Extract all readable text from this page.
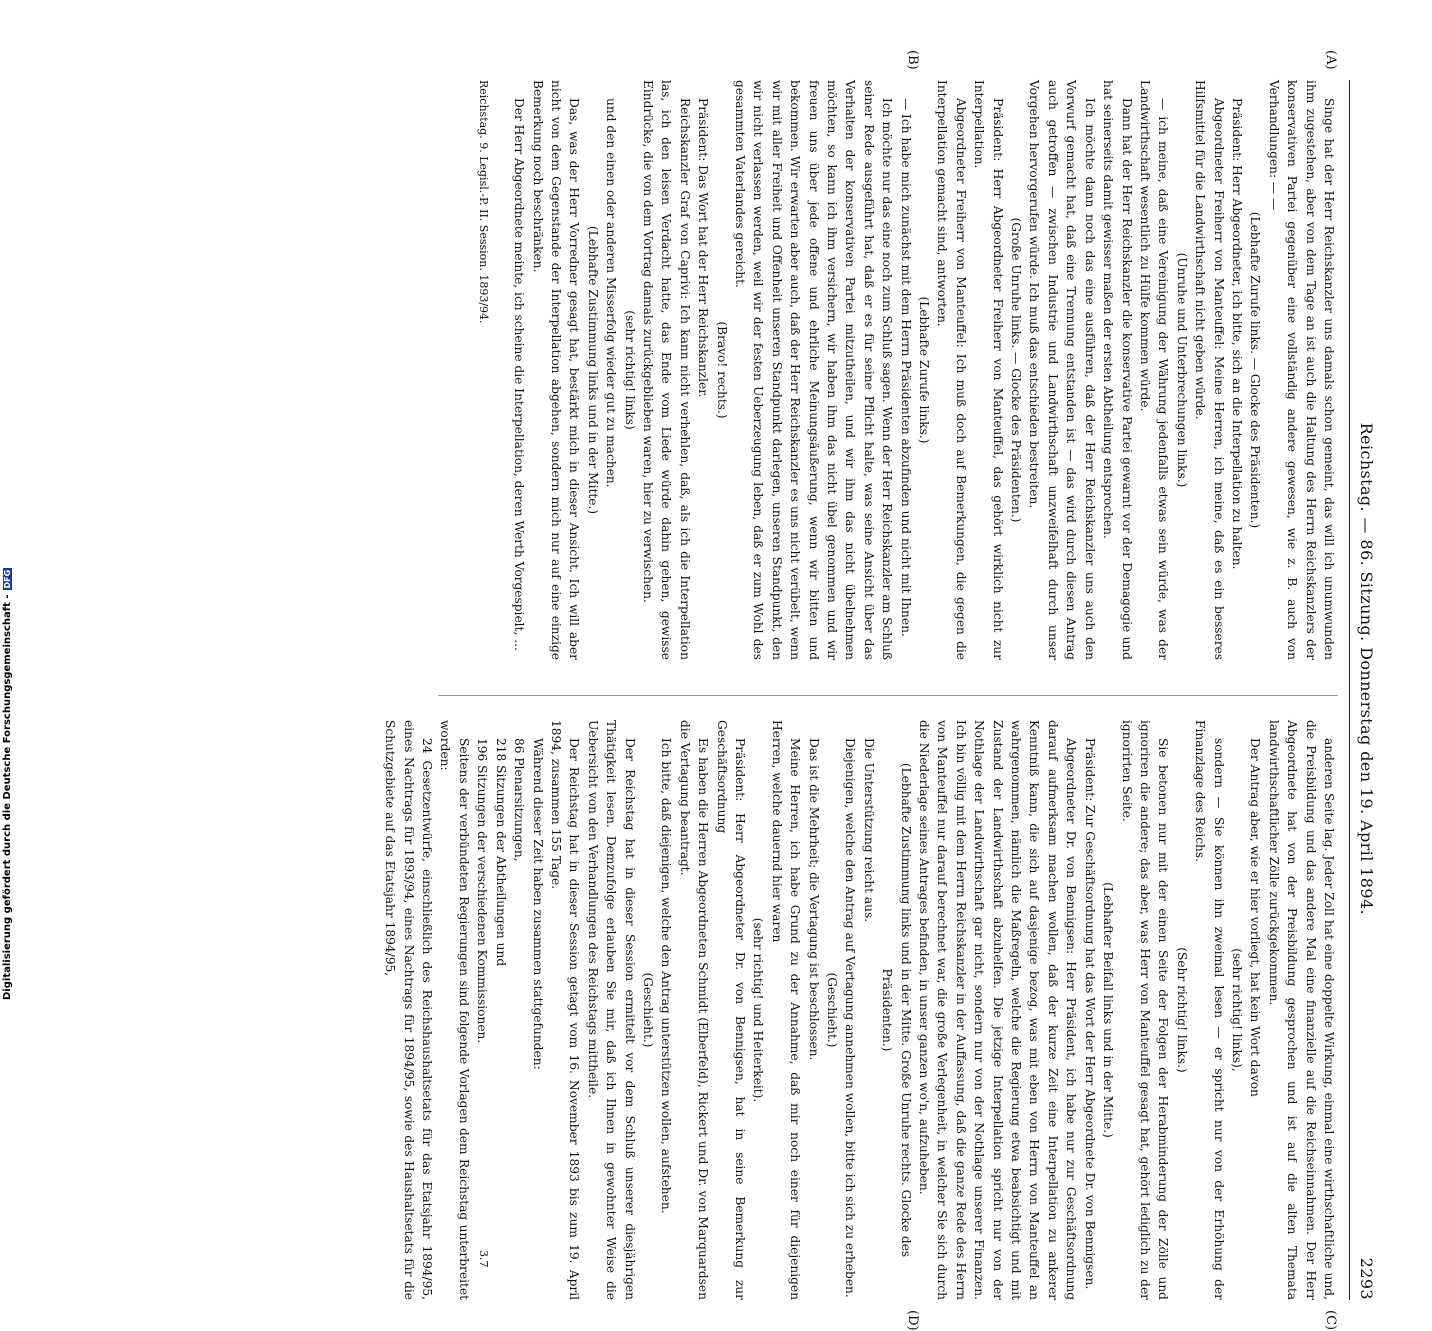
Digitalisierung gefördert durch die Deutsche Forschungsgemeinschaft -DFG	Reichstag. — 86. Sitzung. Donnerstag den 19. April 1894.
2293
(A)
(B)
(C)
(D)

Singe hat der Herr Reichskanzler uns damals schon gemeint, das will ich unumwunden ihm zugestehen, aber von dem Tage an ist auch die Haltung des Herrn Reichskanzlers der konservativen Partei gegenüber eine vollständig andere gewesen, wie z. B. auch von Verhandlungen: — —

(Lebhafte Zurufe links. — Glocke des Präsidenten.)

Präsident: Herr Abgeordneter, ich bitte, sich an die Interpellation zu halten.

Abgeordneter Freiherr von Manteuffel: Meine Herren, ich meine, daß es ein besseres Hilfsmittel für die Landwirthschaft nicht geben würde.

(Unruhe und Unterbrechungen links.)

— ich meine, daß eine Vereinigung der Währung jedenfalls etwas sein würde, was der Landwirthschaft wesentlich zu Hülfe kommen würde.

Dann hat der Herr Reichskanzler die konservative Partei gewarnt vor der Demagogie und hat seinerseits damit gewisser maßen der ersten Abtheilung entsprochen.

Ich möchte dann noch das eine ausführen, daß der Herr Reichskanzler uns auch den Vorwurf gemacht hat, daß eine Trennung entstanden ist — das wird durch diesen Antrag auch getroffen — zwischen Industrie und Landwirthschaft unzweifelhaft durch unser Vorgehen hervorgerufen würde. Ich muß das entschieden bestreiten.

(Große Unruhe links. — Glocke des Präsidenten.)

Präsident: Herr Abgeordneter Freiherr von Manteuffel, das gehört wirklich nicht zur Interpellation.

Abgeordneter Freiherr von Manteuffel: Ich muß doch auf Bemerkungen, die gegen die Interpellation gemacht sind, antworten.

(Lebhafte Zurufe links.)

— Ich habe mich zunächst mit dem Herrn Präsidenten abzufinden und nicht mit Ihnen.

Ich möchte nur das eine noch zum Schluß sagen. Wenn der Herr Reichskanzler am Schluß seiner Rede ausgeführt hat, daß er es für seine Pflicht halte, was seine Ansicht über das Verhalten der konservativen Partei mitzutheilen, und wir ihm das nicht übelnehmen möchten, so kann ich ihm versichern, wir haben ihm das nicht übel genommen und wir freuen uns über jede offene und ehrliche Meinungsäußerung, wenn wir bitten und bekommen. Wir erwarten aber auch, daß der Herr Reichskanzler es uns nicht verübelt, wenn wir mit aller Freiheit und Offenheit unseren Standpunkt darlegen, unseren Standpunkt, den wir nicht verlassen werden, weil wir der festen Ueberzeugung leben, daß er zum Wohl des gesammten Vaterlandes gereicht.

(Bravo! rechts.)

Präsident: Das Wort hat der Herr Reichskanzler.

Reichskanzler Graf von Caprivi: Ich kann nicht verhehlen, daß, als ich die Interpellation las, ich den leisen Verdacht hatte, das Ende vom Liede würde dahin gehen, gewisse Eindrücke, die von dem Vortrag damals zurückgeblieben waren, hier zu verwischen.

(sehr richtig! links)

und den einen oder anderen Misserfolg wieder gut zu machen.

(Lebhafte Zustimmung links und in der Mitte.)

Das, was der Herr Vorredner gesagt hat, bestärkt mich in dieser Ansicht. Ich will aber nicht von dem Gegenstande der Interpellation abgehen, sondern mich nur auf eine einzige Bemerkung noch beschränken.

Der Herr Abgeordnete meinte, ich scheine die Interpellation, deren Werth Vorgespielt, ...

anderen Seite lag. Jeder Zoll hat eine doppelte Wirkung, einmal eine wirthschaftliche und, die Preisbildung und das andere Mal eine finanzielle auf die Reichseinnahmen. Der Herr Abgeordnete hat von der Preisbildung gesprochen und ist auf die alten Themata landwirthschaftlicher Zölle zurückgekommen.

Der Antrag aber, wie er hier vorliegt, hat kein Wort davon

(sehr richtig! links),

sondern — Sie können ihn zweimal lesen — er spricht nur von der Erhöhung der Finanzlage des Reichs.

(Sehr richtig! links.)

Sie betonen nur mit der einen Seite der Folgen der Herabminderung der Zölle und ignoriren die andere; das aber, was Herr von Manteuffel gesagt hat, gehört lediglich zu der ignorirten Seite.

(Lebhafter Beifall links und in der Mitte.)

Präsident: Zur Geschäftsordnung hat das Wort der Herr Abgeordnete Dr. von Bennigsen.

Abgeordneter Dr. von Bennigsen: Herr Präsident, ich habe nur zur Geschäftsordnung darauf aufmerksam machen wollen, daß der kurze Zeit eine Interpellation zu ankerer Kenntniß kann, die sich auf dasjenige bezog, was mit eben von Herrn von Manteuffel an wahrgenommen, nämlich die Maßregeln, welche die Regierung etwa beabsichtigt und mit Zustand der Landwirthschaft abzuhelfen. Die jetzige Interpellation spricht nur von der Nothlage der Landwirthschaft gar nicht, sondern nur von der Nothlage unserer Finanzen. Ich bin völlig mit dem Herrn Reichskanzler in der Auffassung, daß die ganze Rede des Herrn von Manteuffel nur darauf berechnet war, die große Verlegenheit, in welcher Sie sich durch die Niederlage seines Antrages befinden, in unser ganzen wo'n, aufzuheben.

(Lebhafte Zustimmung links und in der Mitte. Große Unruhe rechts. Glocke des Präsidenten.)

Die Unterstützung reicht aus.

Diejenigen, welche den Antrag auf Vertagung annehmen wollen, bitte ich sich zu erheben.

(Geschieht.)

Das ist die Mehrheit; die Vertagung ist beschlossen.

Meine Herren, ich habe Grund zu der Annahme, daß mir noch einer für diejenigen Herren, welche dauernd hier waren

(sehr richtig! und Heiterkeit).

Präsident: Herr Abgeordneter Dr. von Bennigsen, hat in seine Bemerkung zur Geschäftsordnung

Es haben die Herren Abgeordneten Schmidt (Elberfeld), Rickert und Dr. von Marquardsen die Vertagung beantragt.

Ich bitte, daß diejenigen, welche den Antrag unterstützen wollen, aufstehen.

(Geschieht.)

Der Reichstag hat in dieser Session ermittelt vor dem Schluß unserer diesjährigen Thätigkeit lesen. Demzufolge erlauben Sie mir, daß ich Ihnen in gewohnter Weise die Uebersicht von den Verhandlungen des Reichstags mittheile.

Der Reichstag hat in dieser Session getagt vom 16. November 1893 bis zum 19. April 1894, zusammen 155 Tage.

Während dieser Zeit haben zusammen stattgefunden:

86 Plenarsitzungen,

218 Sitzungen der Abtheilungen und

196 Sitzungen der verschiedenen Kommissionen.

Seitens der verbündeten Regierungen sind folgende Vorlagen dem Reichstag unterbreitet worden:

24 Gesetzentwürfe, einschließlich des Reichshaushaltsetats für das Etatsjahr 1894/95, eines Nachtrags für 1893/94, eines Nachtrags für 1894/95, sowie des Haushaltsetats für die Schutzgebiete auf das Etatsjahr 1894/95,

Reichstag. 9. Legisl.-P. II. Session. 1893/94.
3.7
